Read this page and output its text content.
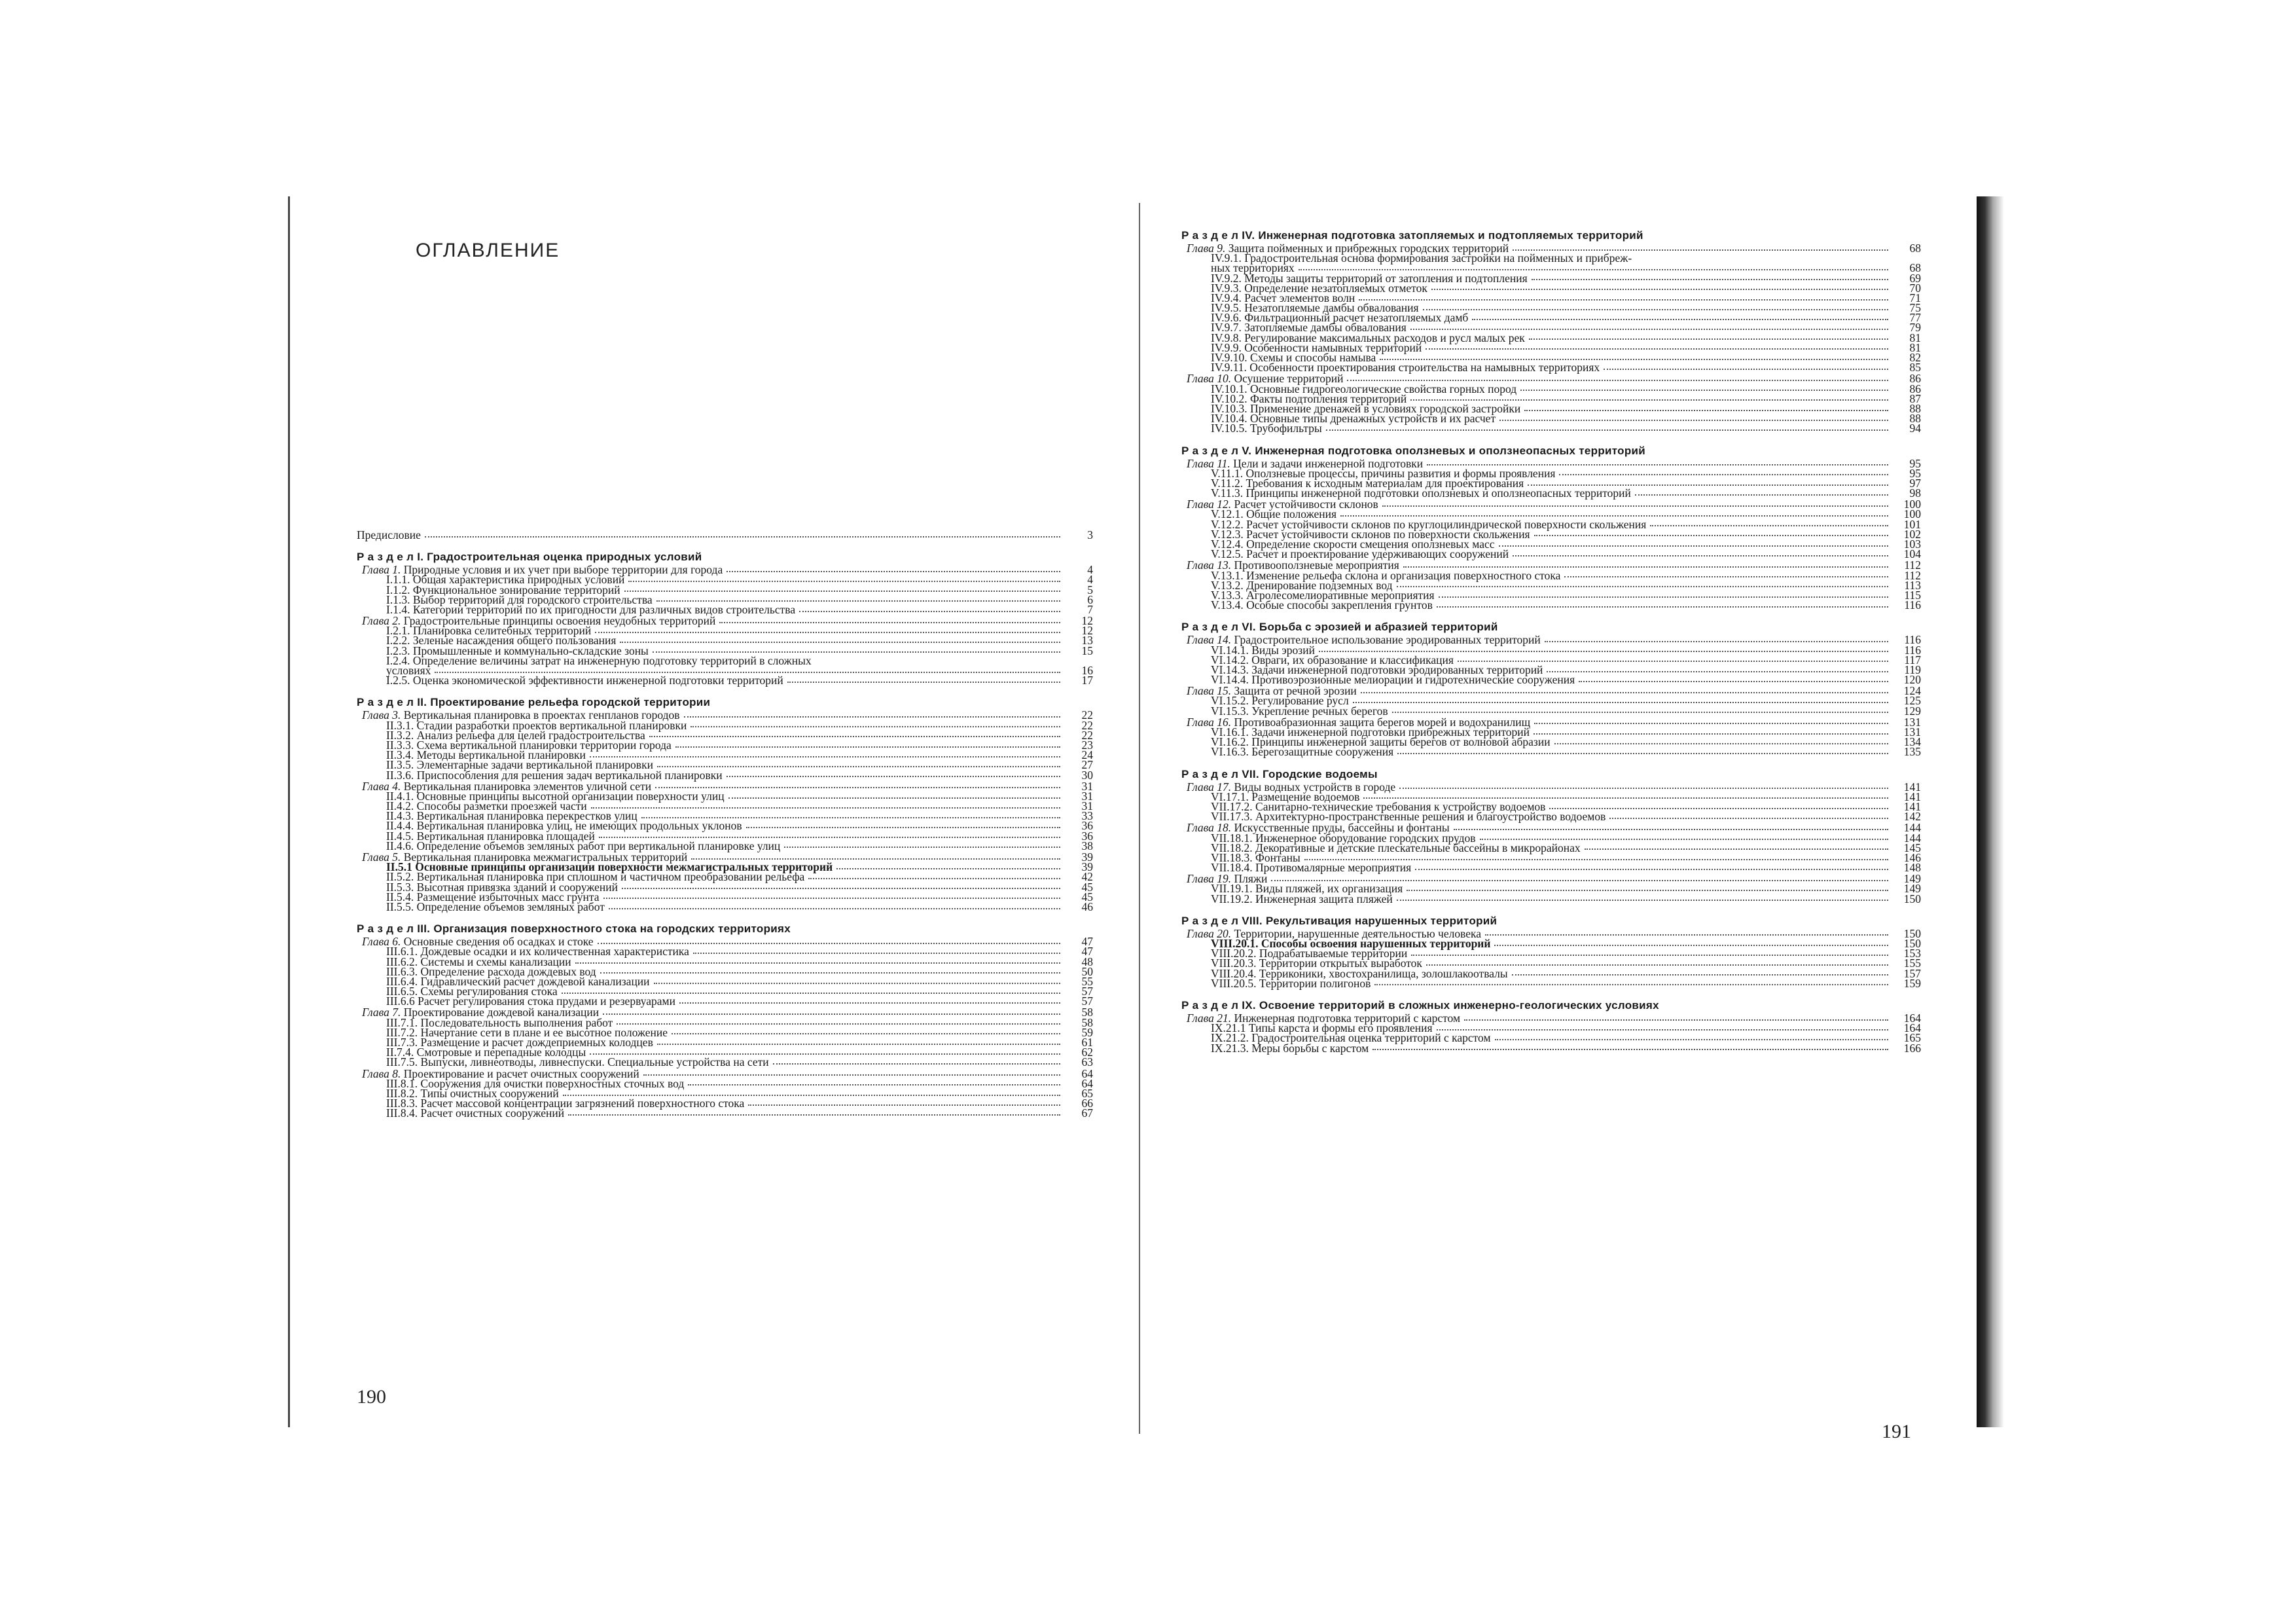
ОГЛАВЛЕНИЕ
Предисловие	3
Р а з д е л I. Градостроительная оценка природных условий
Глава 1. Природные условия и их учет при выборе территории для города	4
I.1.1. Общая характеристика природных условий	4
I.1.2. Функциональное зонирование территорий	5
I.1.3. Выбор территорий для городского строительства	6
I.1.4. Категории территорий по их пригодности для различных видов строительства	7
Глава 2. Градостроительные принципы освоения неудобных территорий	12
I.2.1. Планировка селитебных территорий	12
I.2.2. Зеленые насаждения общего пользования	13
I.2.3. Промышленные и коммунально-складские зоны	15
I.2.4. Определение величины затрат на инженерную подготовку территорий в сложных
условиях	16
I.2.5. Оценка экономической эффективности инженерной подготовки территорий	17
Р а з д е л II. Проектирование рельефа городской территории
Глава 3. Вертикальная планировка в проектах генпланов городов	22
II.3.1. Стадии разработки проектов вертикальной планировки	22
II.3.2. Анализ рельефа для целей градостроительства	22
II.3.3. Схема вертикальной планировки территории города	23
II.3.4. Методы вертикальной планировки	24
II.3.5. Элементарные задачи вертикальной планировки	27
II.3.6. Приспособления для решения задач вертикальной планировки	30
Глава 4. Вертикальная планировка элементов уличной сети	31
II.4.1. Основные принципы высотной организации поверхности улиц	31
II.4.2. Способы разметки проезжей части	31
II.4.3. Вертикальная планировка перекрестков улиц	33
II.4.4. Вертикальная планировка улиц, не имеющих продольных уклонов	36
II.4.5. Вертикальная планировка площадей	36
II.4.6. Определение объемов земляных работ при вертикальной планировке улиц	38
Глава 5. Вертикальная планировка межмагистральных территорий	39
II.5.1 Основные принципы организации поверхности межмагистральных территорий	39
II.5.2. Вертикальная планировка при сплошном и частичном преобразовании рельефа	42
II.5.3. Высотная привязка зданий и сооружений	45
II.5.4. Размещение избыточных масс грунта	45
II.5.5. Определение объемов земляных работ	46
Р а з д е л III. Организация поверхностного стока на городских территориях
Глава 6. Основные сведения об осадках и стоке	47
III.6.1. Дождевые осадки и их количественная характеристика	47
III.6.2. Системы и схемы канализации	48
III.6.3. Определение расхода дождевых вод	50
III.6.4. Гидравлический расчет дождевой канализации	55
III.6.5. Схемы регулирования стока	57
III.6.6 Расчет регулирования стока прудами и резервуарами	57
Глава 7. Проектирование дождевой канализации	58
III.7.1. Последовательность выполнения работ	58
III.7.2. Начертание сети в плане и ее высотное положение	59
III.7.3. Размещение и расчет дождеприемных колодцев	61
II.7.4. Смотровые и перепадные колодцы	62
III.7.5. Выпуски, ливнеотводы, ливнеспуски. Специальные устройства на сети	63
Глава 8. Проектирование и расчет очистных сооружений	64
III.8.1. Сооружения для очистки поверхностных сточных вод	64
III.8.2. Типы очистных сооружений	65
III.8.3. Расчет массовой концентрации загрязнений поверхностного стока	66
III.8.4. Расчет очистных сооружений	67
190
Р а з д е л IV. Инженерная подготовка затопляемых и подтопляемых территорий
Глава 9. Защита пойменных и прибрежных городских территорий	68
IV.9.1. Градостроительная основа формирования застройки на пойменных и прибреж-
ных территориях	68
IV.9.2. Методы защиты территорий от затопления и подтопления	69
IV.9.3. Определение незатопляемых отметок	70
IV.9.4. Расчет элементов волн	71
IV.9.5. Незатопляемые дамбы обвалования	75
IV.9.6. Фильтрационный расчет незатопляемых дамб	77
IV.9.7. Затопляемые дамбы обвалования	79
IV.9.8. Регулирование максимальных расходов и русл малых рек	81
IV.9.9. Особенности намывных территорий	81
IV.9.10. Схемы и способы намыва	82
IV.9.11. Особенности проектирования строительства на намывных территориях	85
Глава 10. Осушение территорий	86
IV.10.1. Основные гидрогеологические свойства горных пород	86
IV.10.2. Факты подтопления территорий	87
IV.10.3. Применение дренажей в условиях городской застройки	88
IV.10.4. Основные типы дренажных устройств и их расчет	88
IV.10.5. Трубофильтры	94
Р а з д е л V. Инженерная подготовка оползневых и оползнеопасных территорий
Глава 11. Цели и задачи инженерной подготовки	95
V.11.1. Оползневые процессы, причины развития и формы проявления	95
V.11.2. Требования к исходным материалам для проектирования	97
V.11.3. Принципы инженерной подготовки оползневых и оползнеопасных территорий	98
Глава 12. Расчет устойчивости склонов	100
V.12.1. Общие положения	100
V.12.2. Расчет устойчивости склонов по круглоцилиндрической поверхности скольжения	101
V.12.3. Расчет устойчивости склонов по поверхности скольжения	102
V.12.4. Определение скорости смещения оползневых масс	103
V.12.5. Расчет и проектирование удерживающих сооружений	104
Глава 13. Противооползневые мероприятия	112
V.13.1. Изменение рельефа склона и организация поверхностного стока	112
V.13.2. Дренирование подземных вод	113
V.13.3. Агролесомелиоративные мероприятия	115
V.13.4. Особые способы закрепления грунтов	116
Р а з д е л VI. Борьба с эрозией и абразией территорий
Глава 14. Градостроительное использование эродированных территорий	116
VI.14.1. Виды эрозий	116
VI.14.2. Овраги, их образование и классификация	117
VI.14.3. Задачи инженерной подготовки эродированных территорий	119
VI.14.4. Противоэрозионные мелиорации и гидротехнические сооружения	120
Глава 15. Защита от речной эрозии	124
VI.15.2. Регулирование русл	125
VI.15.3. Укрепление речных берегов	129
Глава 16. Противоабразионная защита берегов морей и водохранилищ	131
VI.16.1. Задачи инженерной подготовки прибрежных территорий	131
VI.16.2. Принципы инженерной защиты берегов от волновой абразии	134
VI.16.3. Берегозащитные сооружения	135
Р а з д е л VII. Городские водоемы
Глава 17. Виды водных устройств в городе	141
VI.17.1. Размещение водоемов	141
VII.17.2. Санитарно-технические требования к устройству водоемов	141
VII.17.3. Архитектурно-пространственные решения и благоустройство водоемов	142
Глава 18. Искусственные пруды, бассейны и фонтаны	144
VII.18.1. Инженерное оборудование городских прудов	144
VII.18.2. Декоративные и детские плескательные бассейны в микрорайонах	145
VII.18.3. Фонтаны	146
VII.18.4. Противомалярные мероприятия	148
Глава 19. Пляжи	149
VII.19.1. Виды пляжей, их организация	149
VII.19.2. Инженерная защита пляжей	150
Р а з д е л VIII. Рекультивация нарушенных территорий
Глава 20. Территории, нарушенные деятельностью человека	150
VIII.20.1. Способы освоения нарушенных территорий	150
VIII.20.2. Подрабатываемые территории	153
VIII.20.3. Территории открытых выработок	155
VIII.20.4. Терриконики, хвостохранилища, золошлакоотвалы	157
VIII.20.5. Территории полигонов	159
Р а з д е л IX. Освоение территорий в сложных инженерно-геологических условиях
Глава 21. Инженерная подготовка территорий с карстом	164
IX.21.1 Типы карста и формы его проявления	164
IX.21.2. Градостроительная оценка территорий с карстом	165
IX.21.3. Меры борьбы с карстом	166
191
